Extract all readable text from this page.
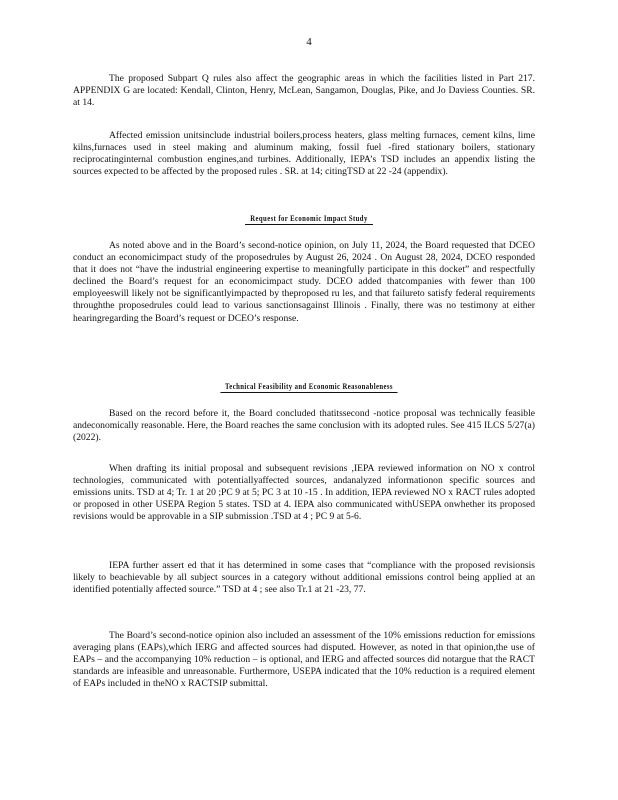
4

The proposed Subpart Q rules also affect the geographic areas in which the facilities listed in Part 217. APPENDIX G are located: Kendall, Clinton, Henry, McLean, Sangamon, Douglas, Pike, and Jo Daviess Counties. SR. at 14.

Affected emission unitsinclude industrial boilers,process heaters, glass melting furnaces, cement kilns, lime kilns,furnaces used in steel making and aluminum making, fossil fuel -fired stationary boilers, stationary reciprocatinginternal combustion engines,and turbines. Additionally, IEPA’s TSD includes an appendix listing the sources expected to be affected by the proposed rules . SR. at 14; citingTSD at 22 -24 (appendix).

Request for Economic Impact Study

As noted above and in the Board’s second-notice opinion, on July 11, 2024, the Board requested that DCEO conduct an economicimpact study of the proposedrules by August 26, 2024 . On August 28, 2024, DCEO responded that it does not “have the industrial engineering expertise to meaningfully participate in this docket” and respectfully declined the Board’s request for an economicimpact study. DCEO added thatcompanies with fewer than 100 employeeswill likely not be significantlyimpacted by theproposed ru les, and that failureto satisfy federal requirements throughthe proposedrules could lead to various sanctionsagainst Illinois . Finally, there was no testimony at either hearingregarding the Board’s request or DCEO’s response.

Technical Feasibility and Economic Reasonableness

Based on the record before it, the Board concluded thatitssecond -notice proposal was technically feasible andeconomically reasonable. Here, the Board reaches the same conclusion with its adopted rules. See 415 ILCS 5/27(a)(2022).

When drafting its initial proposal and subsequent revisions ,IEPA reviewed information on NO x control technologies, communicated with potentiallyaffected sources, andanalyzed informationon specific sources and emissions units. TSD at 4; Tr. 1 at 20 ;PC 9 at 5; PC 3 at 10 -15 . In addition, IEPA reviewed NO x RACT rules adopted or proposed in other USEPA Region 5 states. TSD at 4. IEPA also communicated withUSEPA onwhether its proposed revisions would be approvable in a SIP submission .TSD at 4 ; PC 9 at 5-6.

IEPA further assert ed that it has determined in some cases that “compliance with the proposed revisionsis likely to beachievable by all subject sources in a category without additional emissions control being applied at an identified potentially affected source.” TSD at 4 ; see also Tr.1 at 21 -23, 77.

The Board’s second-notice opinion also included an assessment of the 10% emissions reduction for emissions averaging plans (EAPs),which IERG and affected sources had disputed. However, as noted in that opinion,the use of EAPs – and the accompanying 10% reduction – is optional, and IERG and affected sources did notargue that the RACT standards are infeasible and unreasonable. Furthermore, USEPA indicated that the 10% reduction is a required element of EAPs included in theNO x RACTSIP submittal.
